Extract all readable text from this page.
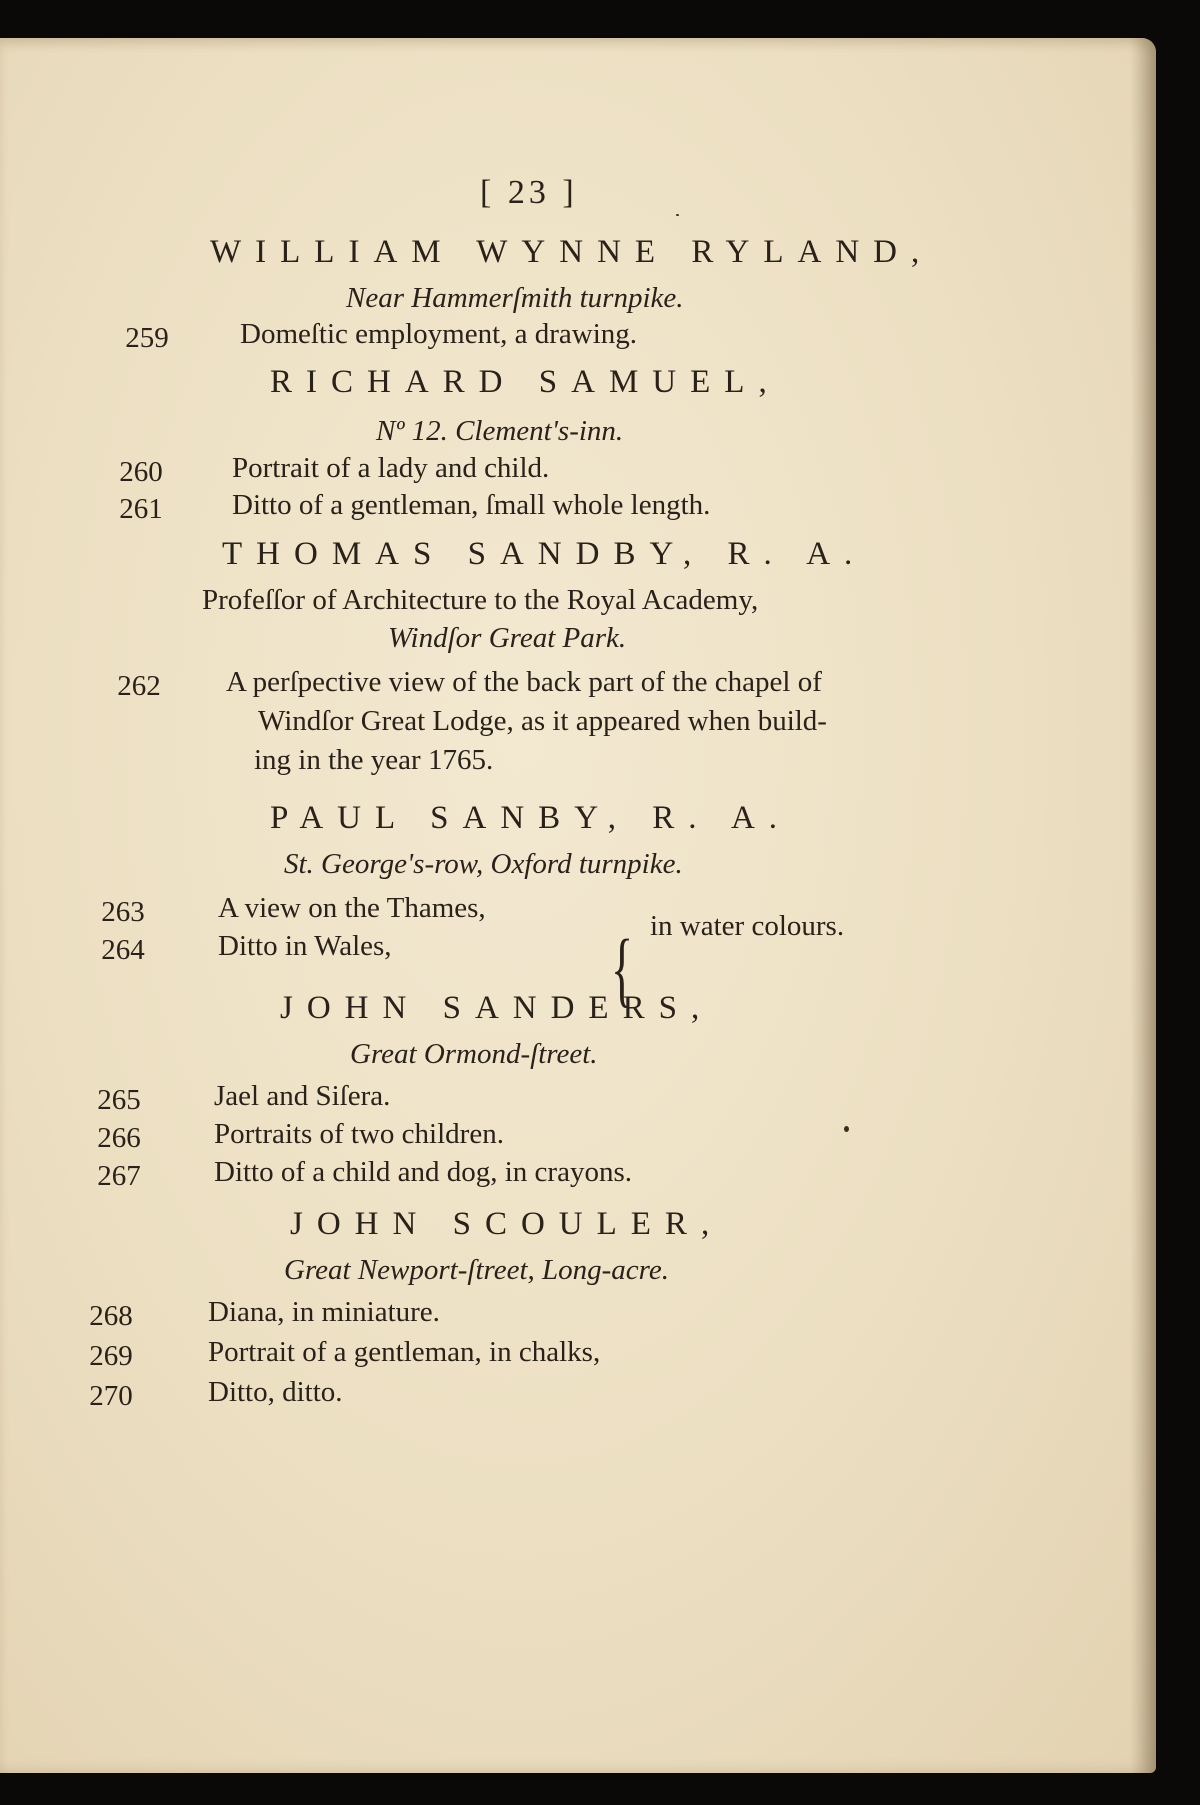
[ 23 ]
WILLIAM WYNNE RYLAND,
Near Hammerſmith turnpike.
259	Domeſtic employment, a drawing.
RICHARD SAMUEL,
Nº 12. Clement's-inn.
260	Portrait of a lady and child.
261	Ditto of a gentleman, ſmall whole length.
THOMAS SANDBY, R. A.
Profeſſor of Architecture to the Royal Academy,
Windſor Great Park.
262	A perſpective view of the back part of the chapel of
Windſor Great Lodge, as it appeared when build-
ing in the year 1765.
PAUL SANBY, R. A.
St. George's-row, Oxford turnpike.
263	A view on the Thames,
264	Ditto in Wales,	{ in water colours.
JOHN SANDERS,
Great Ormond-ſtreet.
265	Jael and Siſera.
266	Portraits of two children.
267	Ditto of a child and dog, in crayons.
JOHN SCOULER,
Great Newport-ſtreet, Long-acre.
268	Diana, in miniature.
269	Portrait of a gentleman, in chalks,
270	Ditto, ditto.
